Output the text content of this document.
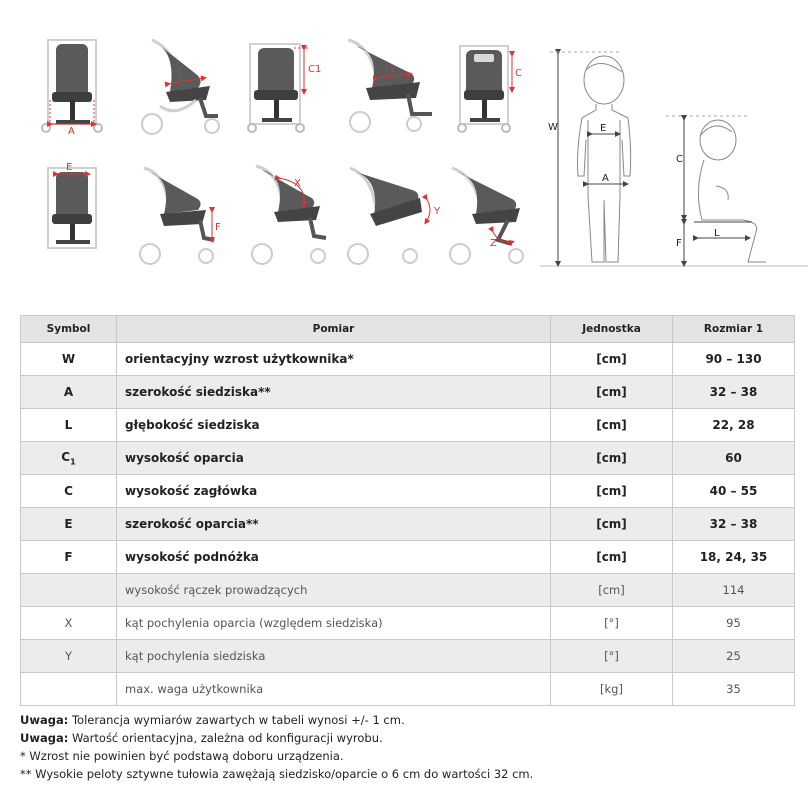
A
L	C1	L1	C
E
F
X
Y
Z
W	E
A
C
F
L
Symbol	Pomiar	Jednostka	Rozmiar 1
W	orientacyjny wzrost użytkownika*	[cm]	90 – 130
A	szerokość siedziska**	[cm]	32 – 38
L	głębokość siedziska	[cm]	22, 28
$C_1$	wysokość oparcia	[cm]	60
C	wysokość zagłówka	[cm]	40 – 55
E	szerokość oparcia**	[cm]	32 – 38
F	wysokość podnóżka	[cm]	18, 24, 35
	wysokość rączek prowadzących	[cm]	114
X	kąt pochylenia oparcia (względem siedziska)	[°]	95
Y	kąt pochylenia siedziska	[°]	25
	max. waga użytkownika	[kg]	35
Uwaga: Tolerancja wymiarów zawartych w tabeli wynosi +/- 1 cm.
Uwaga: Wartość orientacyjna, zależna od konfiguracji wyrobu.
* Wzrost nie powinien być podstawą doboru urządzenia.
** Wysokie peloty sztywne tułowia zawężają siedzisko/oparcie o 6 cm do wartości 32 cm.
